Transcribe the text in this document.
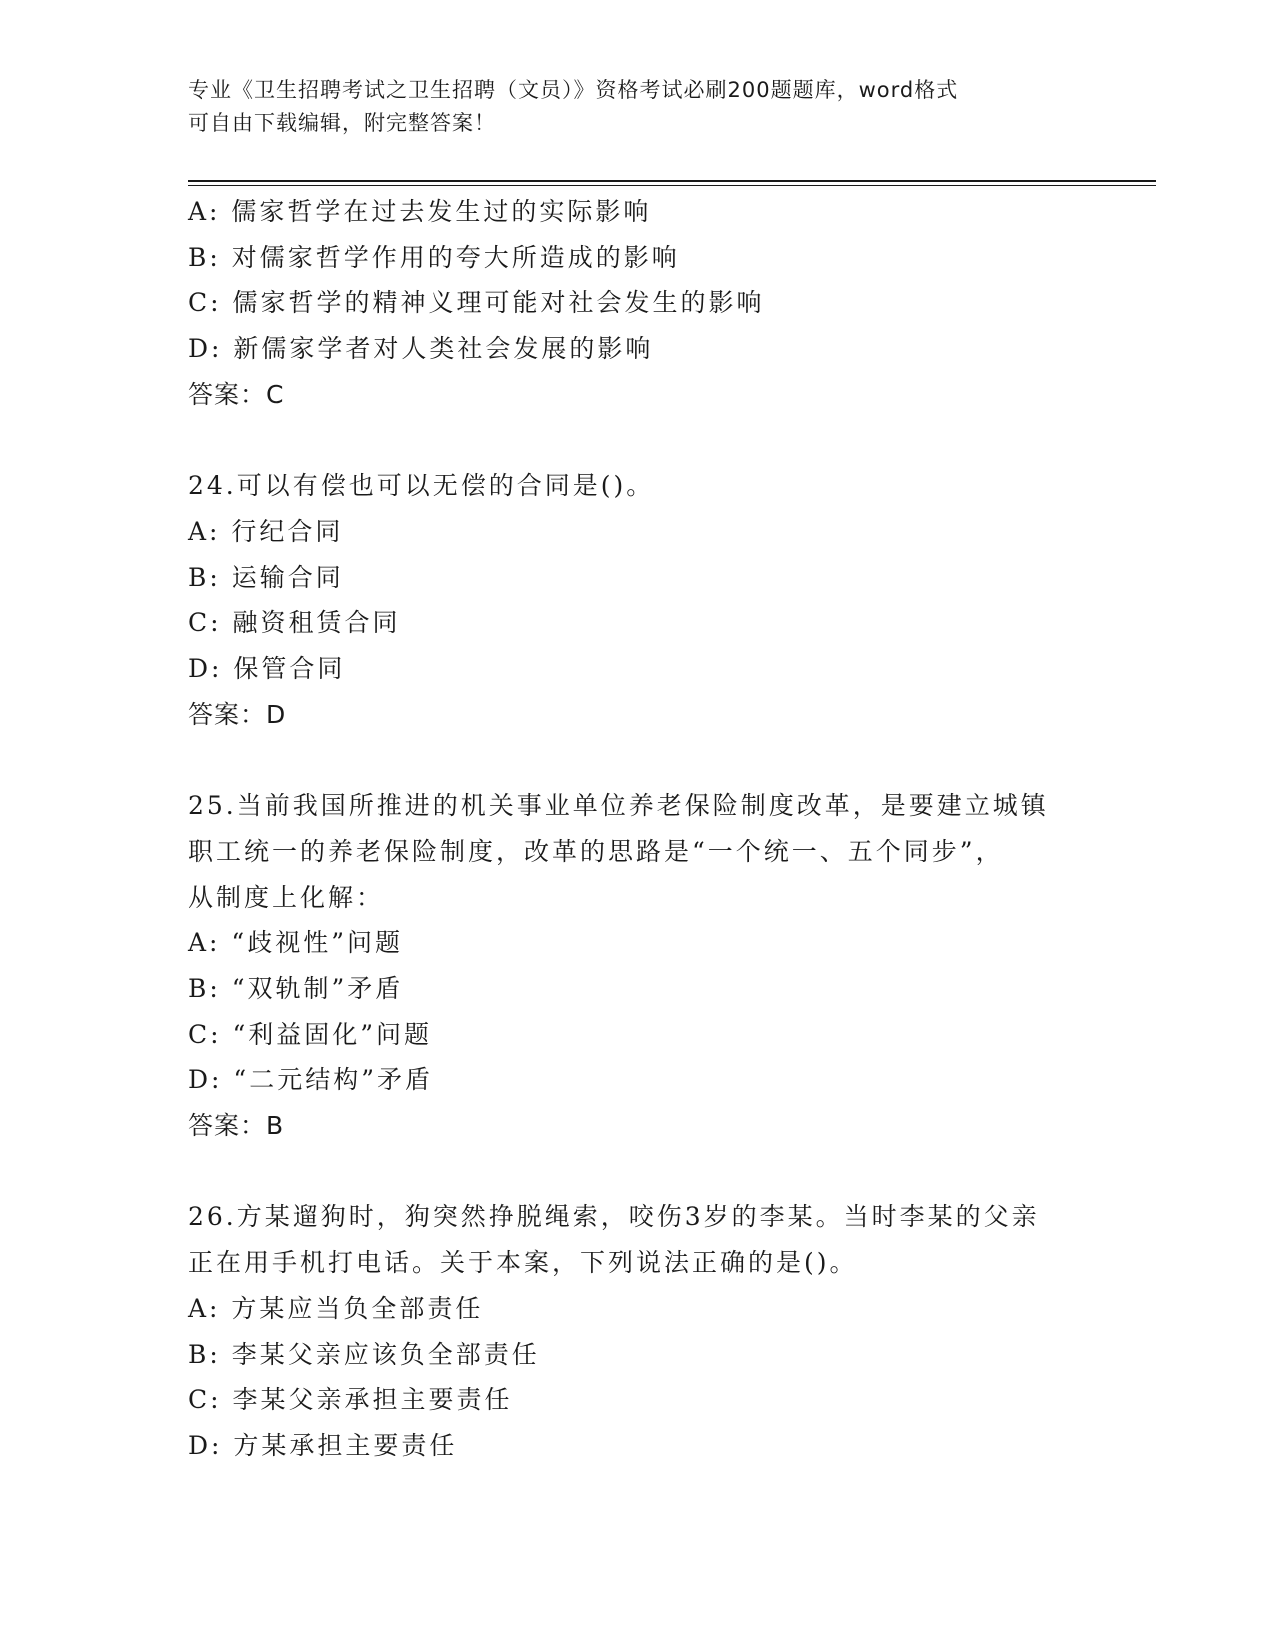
专业《卫生招聘考试之卫生招聘（文员）》资格考试必刷200题题库，word格式
可自由下载编辑，附完整答案！

A: 儒家哲学在过去发生过的实际影响

B: 对儒家哲学作用的夸大所造成的影响

C: 儒家哲学的精神义理可能对社会发生的影响

D: 新儒家学者对人类社会发展的影响

答案：C

24.可以有偿也可以无偿的合同是()。

A: 行纪合同

B: 运输合同

C: 融资租赁合同

D: 保管合同

答案：D

25.当前我国所推进的机关事业单位养老保险制度改革，是要建立城镇

职工统一的养老保险制度，改革的思路是“一个统一、五个同步”，

从制度上化解：

A: “歧视性”问题

B: “双轨制”矛盾

C: “利益固化”问题

D: “二元结构”矛盾

答案：B

26.方某遛狗时，狗突然挣脱绳索，咬伤3岁的李某。当时李某的父亲

正在用手机打电话。关于本案，下列说法正确的是()。

A: 方某应当负全部责任

B: 李某父亲应该负全部责任

C: 李某父亲承担主要责任

D: 方某承担主要责任
